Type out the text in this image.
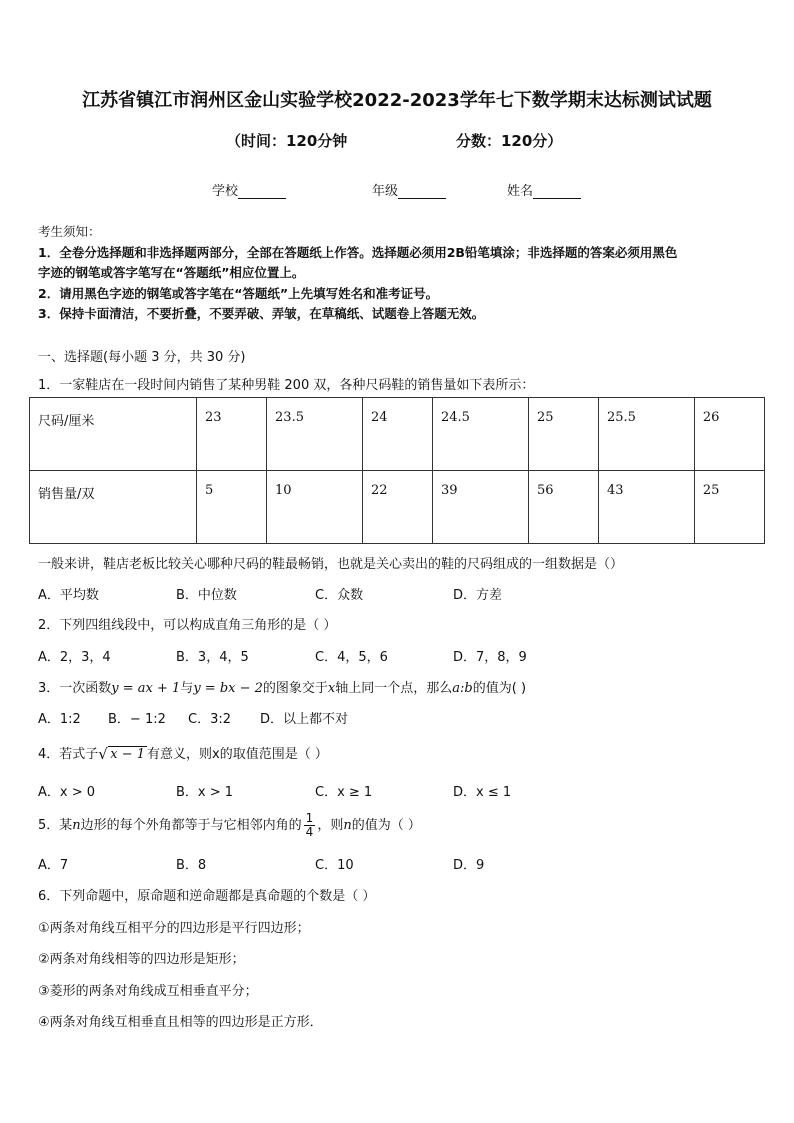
江苏省镇江市润州区金山实验学校2022-2023学年七下数学期末达标测试试题
（时间：120分钟	分数：120分）
学校	年级	姓名
考生须知：
1．全卷分选择题和非选择题两部分，全部在答题纸上作答。选择题必须用2B铅笔填涂；非选择题的答案必须用黑色
字迹的钢笔或答字笔写在“答题纸”相应位置上。
2．请用黑色字迹的钢笔或答字笔在“答题纸”上先填写姓名和准考证号。
3．保持卡面清洁，不要折叠，不要弄破、弄皱，在草稿纸、试题卷上答题无效。
一、选择题(每小题 3 分，共 30 分)
1．一家鞋店在一段时间内销售了某种男鞋 200 双，各种尺码鞋的销售量如下表所示：
尺码/厘米	23	23.5	24	24.5	25	25.5	26
销售量/双	5	10	22	39	56	43	25
一般来讲，鞋店老板比较关心哪种尺码的鞋最畅销，也就是关心卖出的鞋的尺码组成的一组数据是（）
A．平均数	B．中位数	C．众数	D．方差
2．下列四组线段中，可以构成直角三角形的是（ ）
A．2，3，4	B．3，4，5	C．4，5，6	D．7，8，9
3．一次函数y = ax + 1与y = bx − 2的图象交于x轴上同一个点，那么a:b的值为( )
A．1:2 B．− 1:2 C．3:2 D．以上都不对
4．若式子 √ x − 1 有意义，则x的取值范围是（ ）
A．x > 0	B．x > 1	C．x ≥ 1	D．x ≤ 1
5．某n边形的每个外角都等于与它相邻内角的 $\frac{1}{4}$ ，则n的值为（ ）
A．7	B．8	C．10	D．9
6．下列命题中，原命题和逆命题都是真命题的个数是（ ）
①两条对角线互相平分的四边形是平行四边形；
②两条对角线相等的四边形是矩形；
③菱形的两条对角线成互相垂直平分；
④两条对角线互相垂直且相等的四边形是正方形．
